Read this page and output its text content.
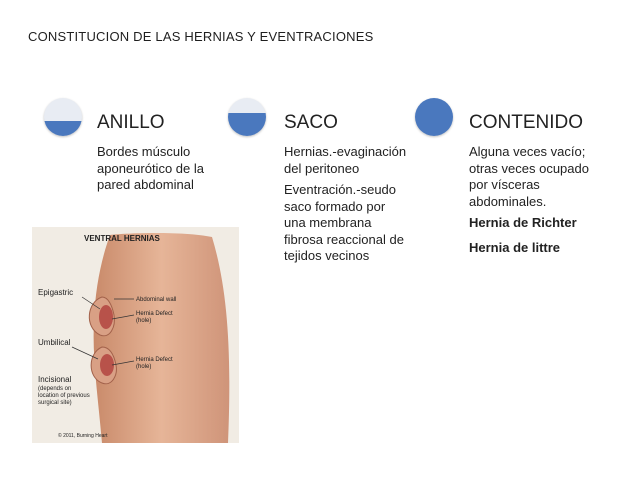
CONSTITUCION DE LAS HERNIAS Y EVENTRACIONES
ANILLO

Bordes músculo aponeurótico de la pared abdominal

SACO

Hernias.-evaginación del peritoneo

Eventración.-seudo saco formado por una membrana fibrosa reaccional de tejidos vecinos

CONTENIDO

Alguna veces vacío; otras veces ocupado por vísceras abdominales.

Hernia de Richter

Hernia de littre

VENTRAL HERNIAS
Epigastric
Umbilical
Incisional
(depends on
location of previous
surgical site)
Abdominal wall
Hernia Defect
(hole)
Hernia Defect
(hole)
© 2011, Burning Heart
